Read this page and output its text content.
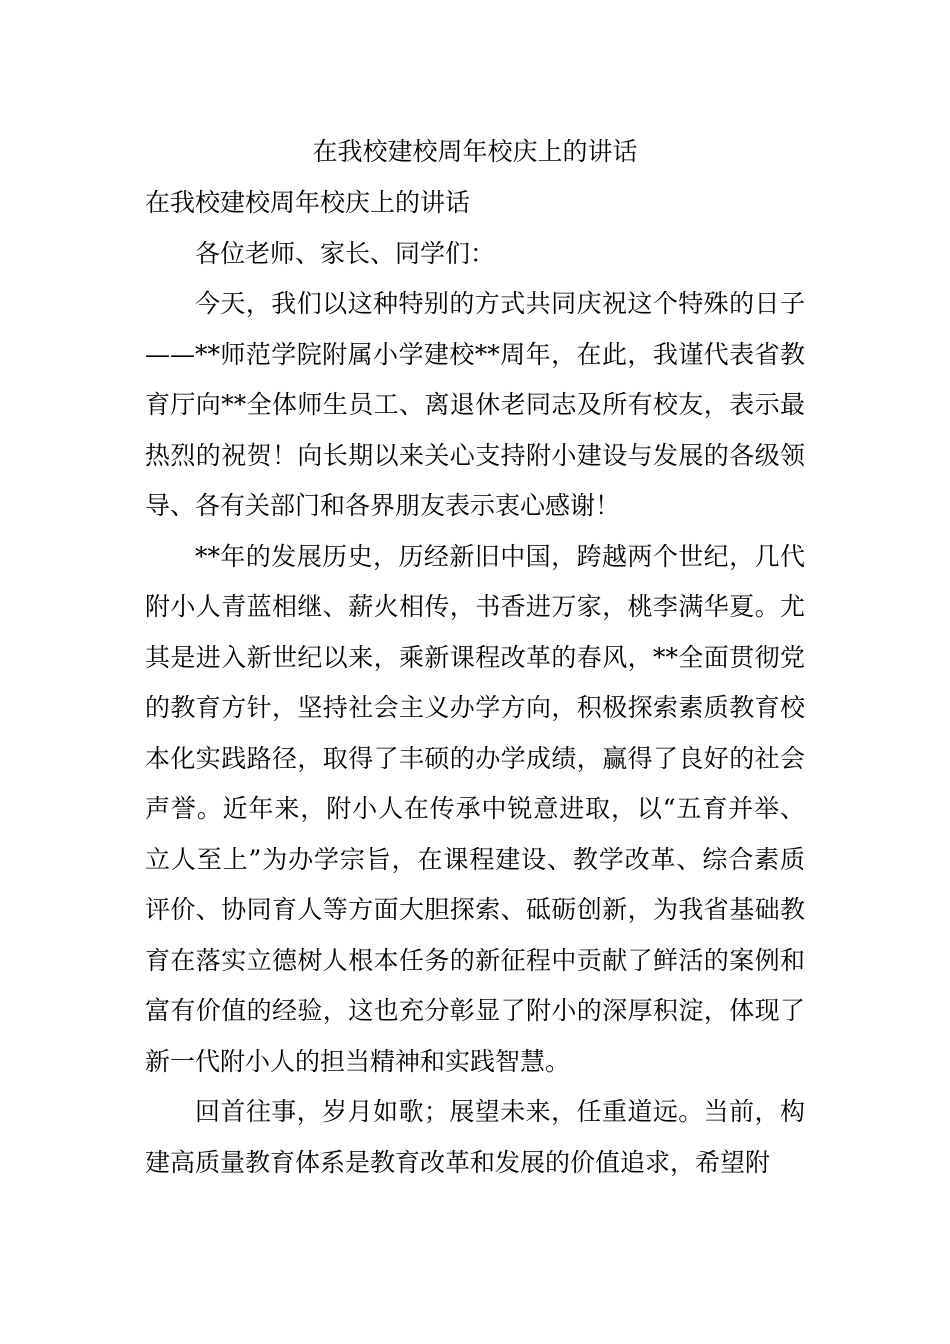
在我校建校周年校庆上的讲话

在我校建校周年校庆上的讲话

各位老师、家长、同学们：

今天，我们以这种特别的方式共同庆祝这个特殊的日子——**师范学院附属小学建校**周年，在此，我谨代表省教育厅向**全体师生员工、离退休老同志及所有校友，表示最热烈的祝贺！向长期以来关心支持附小建设与发展的各级领导、各有关部门和各界朋友表示衷心感谢！

**年的发展历史，历经新旧中国，跨越两个世纪，几代附小人青蓝相继、薪火相传，书香进万家，桃李满华夏。尤其是进入新世纪以来，乘新课程改革的春风，**全面贯彻党的教育方针，坚持社会主义办学方向，积极探索素质教育校本化实践路径，取得了丰硕的办学成绩，赢得了良好的社会声誉。近年来，附小人在传承中锐意进取，以“五育并举、立人至上”为办学宗旨，在课程建设、教学改革、综合素质评价、协同育人等方面大胆探索、砥砺创新，为我省基础教育在落实立德树人根本任务的新征程中贡献了鲜活的案例和富有价值的经验，这也充分彰显了附小的深厚积淀，体现了新一代附小人的担当精神和实践智慧。

回首往事，岁月如歌；展望未来，任重道远。当前，构建高质量教育体系是教育改革和发展的价值追求，希望附
